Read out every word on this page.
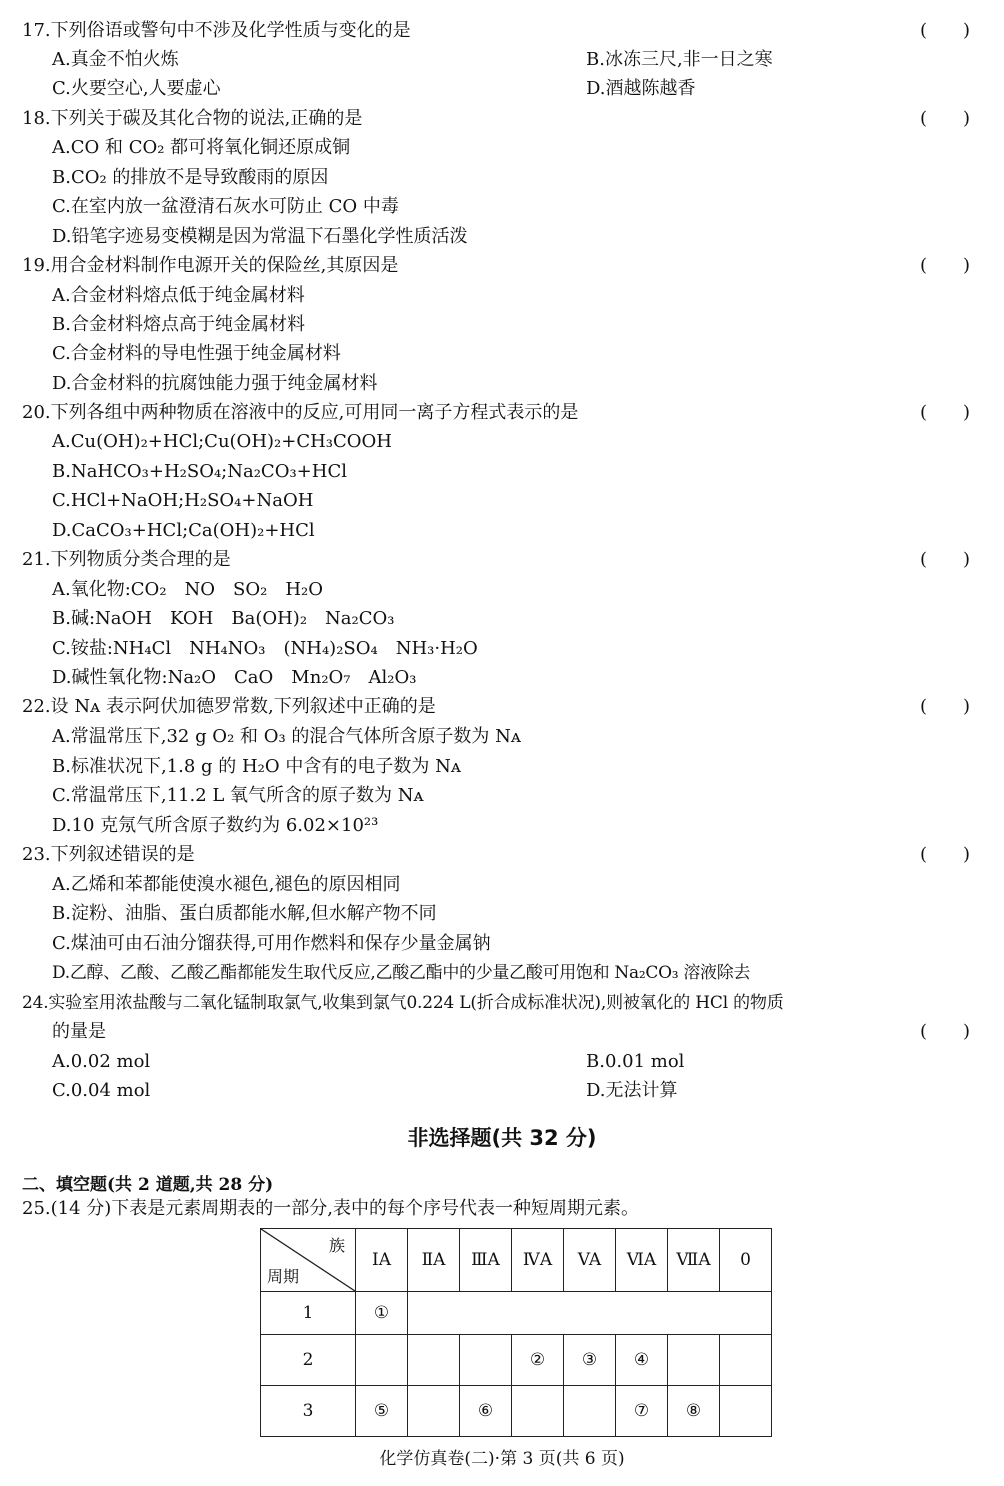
17.下列俗语或警句中不涉及化学性质与变化的是	(　　)
A.真金不怕火炼	B.冰冻三尺,非一日之寒
C.火要空心,人要虚心	D.酒越陈越香
18.下列关于碳及其化合物的说法,正确的是	(　　)
A.CO 和 CO₂ 都可将氧化铜还原成铜
B.CO₂ 的排放不是导致酸雨的原因
C.在室内放一盆澄清石灰水可防止 CO 中毒
D.铅笔字迹易变模糊是因为常温下石墨化学性质活泼
19.用合金材料制作电源开关的保险丝,其原因是	(　　)
A.合金材料熔点低于纯金属材料
B.合金材料熔点高于纯金属材料
C.合金材料的导电性强于纯金属材料
D.合金材料的抗腐蚀能力强于纯金属材料
20.下列各组中两种物质在溶液中的反应,可用同一离子方程式表示的是	(　　)
A.Cu(OH)₂+HCl;Cu(OH)₂+CH₃COOH
B.NaHCO₃+H₂SO₄;Na₂CO₃+HCl
C.HCl+NaOH;H₂SO₄+NaOH
D.CaCO₃+HCl;Ca(OH)₂+HCl
21.下列物质分类合理的是	(　　)
A.氧化物:CO₂　NO　SO₂　H₂O
B.碱:NaOH　KOH　Ba(OH)₂　Na₂CO₃
C.铵盐:NH₄Cl　NH₄NO₃　(NH₄)₂SO₄　NH₃·H₂O
D.碱性氧化物:Na₂O　CaO　Mn₂O₇　Al₂O₃
22.设 Nᴀ 表示阿伏加德罗常数,下列叙述中正确的是	(　　)
A.常温常压下,32 g O₂ 和 O₃ 的混合气体所含原子数为 Nᴀ
B.标准状况下,1.8 g 的 H₂O 中含有的电子数为 Nᴀ
C.常温常压下,11.2 L 氧气所含的原子数为 Nᴀ
D.10 克氖气所含原子数约为 6.02×10²³
23.下列叙述错误的是	(　　)
A.乙烯和苯都能使溴水褪色,褪色的原因相同
B.淀粉、油脂、蛋白质都能水解,但水解产物不同
C.煤油可由石油分馏获得,可用作燃料和保存少量金属钠
D.乙醇、乙酸、乙酸乙酯都能发生取代反应,乙酸乙酯中的少量乙酸可用饱和 Na₂CO₃ 溶液除去
24.实验室用浓盐酸与二氧化锰制取氯气,收集到氯气0.224 L(折合成标准状况),则被氧化的 HCl 的物质
的量是	(　　)
A.0.02 mol	B.0.01 mol
C.0.04 mol	D.无法计算
非选择题(共 32 分)
二、填空题(共 2 道题,共 28 分)
25.(14 分)下表是元素周期表的一部分,表中的每个序号代表一种短周期元素。
族
周期	IA	ⅡA	ⅢA	ⅣA	VA	ⅥA	ⅦA	0
1	①							
2				②	③	④		
3	⑤		⑥			⑦	⑧	
化学仿真卷(二)·第 3 页(共 6 页)
